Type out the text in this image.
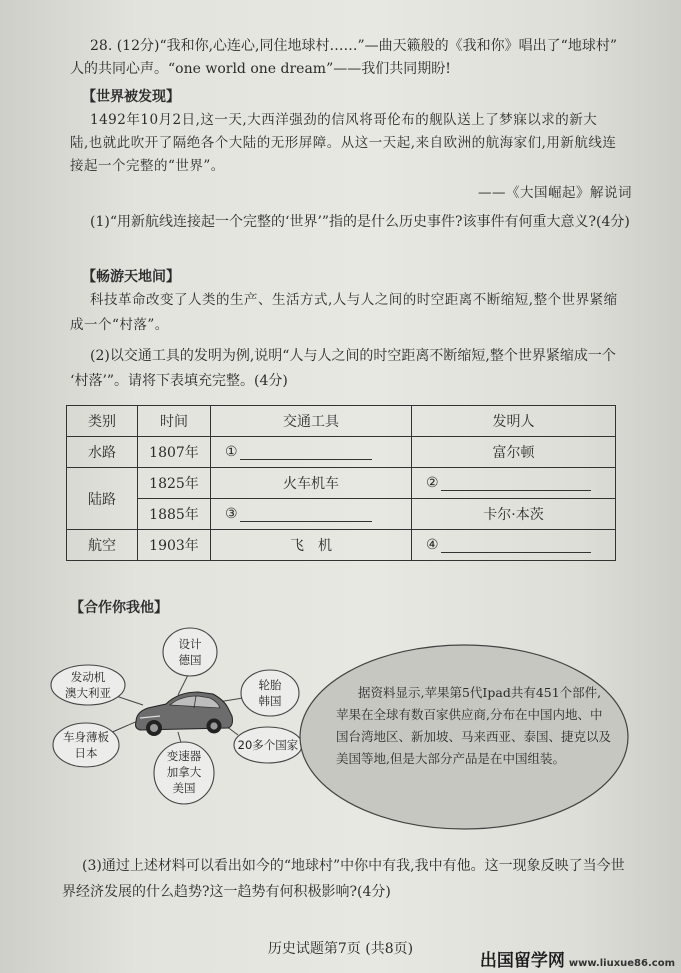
28. (12分)“我和你,心连心,同住地球村……”—曲天籁般的《我和你》唱出了“地球村”

人的共同心声。“one world one dream”——我们共同期盼!

【世界被发现】

1492年10月2日,这一天,大西洋强劲的信风将哥伦布的舰队送上了梦寐以求的新大

陆,也就此吹开了隔绝各个大陆的无形屏障。从这一天起,来自欧洲的航海家们,用新航线连

接起一个完整的“世界”。

——《大国崛起》解说词

(1)“用新航线连接起一个完整的‘世界’”指的是什么历史事件?该事件有何重大意义?(4分)

【畅游天地间】

科技革命改变了人类的生产、生活方式,人与人之间的时空距离不断缩短,整个世界紧缩

成一个“村落”。

(2)以交通工具的发明为例,说明“人与人之间的时空距离不断缩短,整个世界紧缩成一个

‘村落’”。请将下表填充完整。(4分)

类别	时间	交通工具	发明人
水路	1807年	①	富尔顿
陆路	1825年	火车机车	②
	1885年	③	卡尔·本茨
航空	1903年	飞　机	④
【合作你我他】
设计
德国
发动机
澳大利亚
轮胎
韩国
车身薄板
日本
20多个国家
变速器
加拿大
美国
据资料显示,苹果第5代Ipad共有451个部件,
苹果在全球有数百家供应商,分布在中国内地、中
国台湾地区、新加坡、马来西亚、泰国、捷克以及
美国等地,但是大部分产品是在中国组装。

(3)通过上述材料可以看出如今的“地球村”中你中有我,我中有他。这一现象反映了当今世

界经济发展的什么趋势?这一趋势有何积极影响?(4分)

历史试题第7页 (共8页)
出国留学网 www.liuxue86.com
